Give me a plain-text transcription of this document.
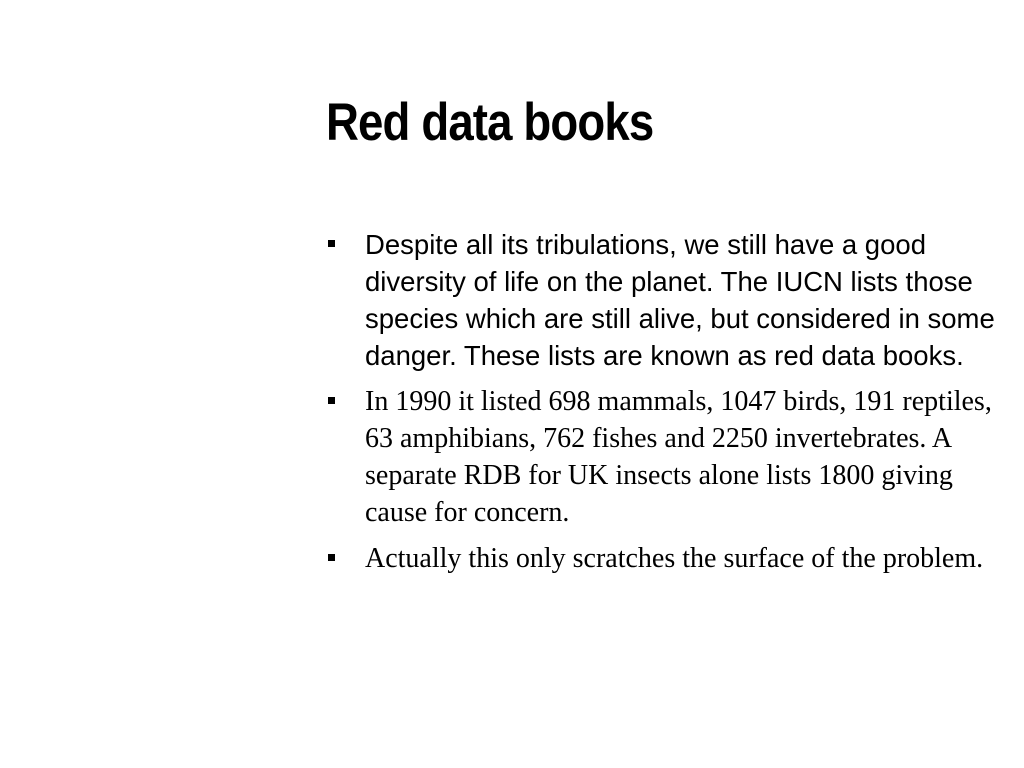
Red data books
Despite all its tribulations, we still have a good diversity of life on the planet. The IUCN lists those species which are still alive, but considered in some danger. These lists are known as red data books.
In 1990 it listed 698 mammals, 1047 birds, 191 reptiles, 63 amphibians, 762 fishes and 2250 invertebrates. A separate RDB for UK insects alone lists 1800 giving cause for concern.
Actually this only scratches the surface of the problem.
